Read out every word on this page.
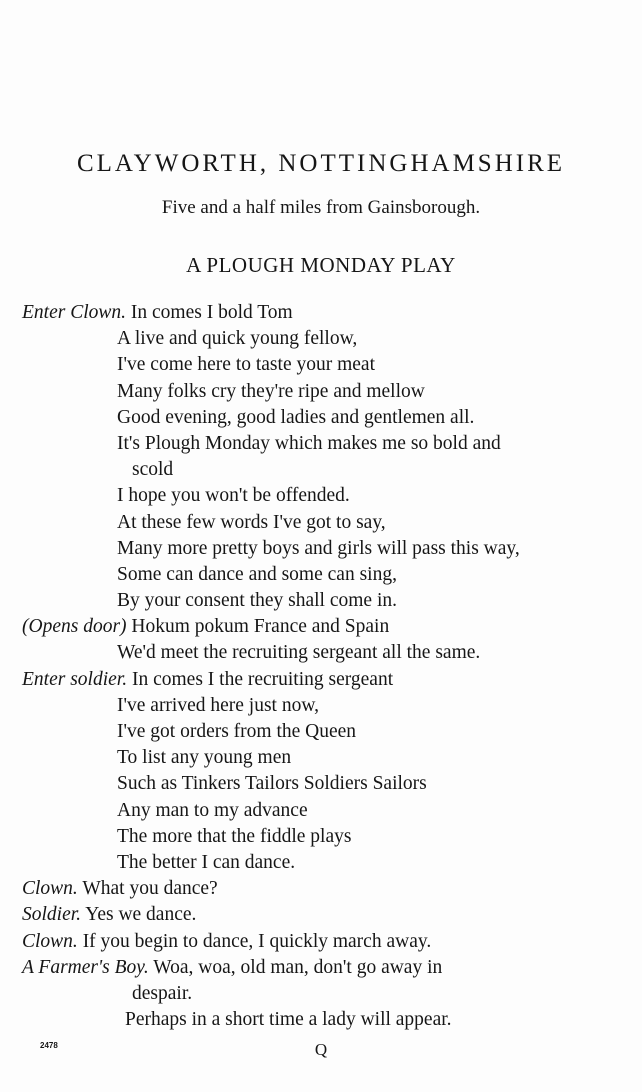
CLAYWORTH, NOTTINGHAMSHIRE
Five and a half miles from Gainsborough.
A PLOUGH MONDAY PLAY
Enter Clown. In comes I bold Tom
A live and quick young fellow,
I've come here to taste your meat
Many folks cry they're ripe and mellow
Good evening, good ladies and gentlemen all.
It's Plough Monday which makes me so bold and
scold
I hope you won't be offended.
At these few words I've got to say,
Many more pretty boys and girls will pass this way,
Some can dance and some can sing,
By your consent they shall come in.
(Opens door) Hokum pokum France and Spain
We'd meet the recruiting sergeant all the same.
Enter soldier. In comes I the recruiting sergeant
I've arrived here just now,
I've got orders from the Queen
To list any young men
Such as Tinkers Tailors Soldiers Sailors
Any man to my advance
The more that the fiddle plays
The better I can dance.
Clown. What you dance?
Soldier. Yes we dance.
Clown. If you begin to dance, I quickly march away.
A Farmer's Boy. Woa, woa, old man, don't go away in
despair.
Perhaps in a short time a lady will appear.
2478	Q
